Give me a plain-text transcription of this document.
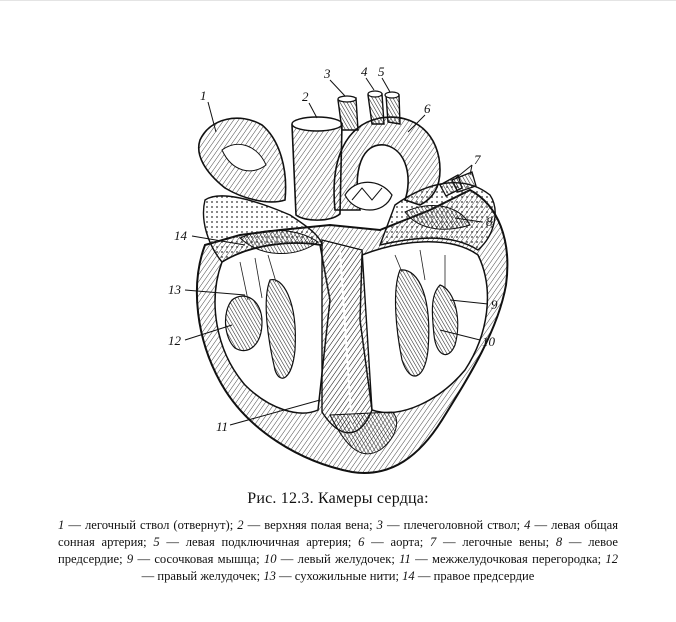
1	2
3 4 5
6
7
8
9
10
11
12
13
14
Рис. 12.3. Камеры сердца:
1 — легочный ствол (отвернут); 2 — верхняя полая вена; 3 — плечеголовной ствол; 4 — левая общая сонная артерия; 5 — левая подключичная артерия; 6 — аорта; 7 — легочные вены; 8 — левое предсердие; 9 — сосочковая мышца; 10 — левый желудочек; 11 — межжелудочковая перегородка; 12 — правый желудочек; 13 — сухожильные нити; 14 — правое предсердие
